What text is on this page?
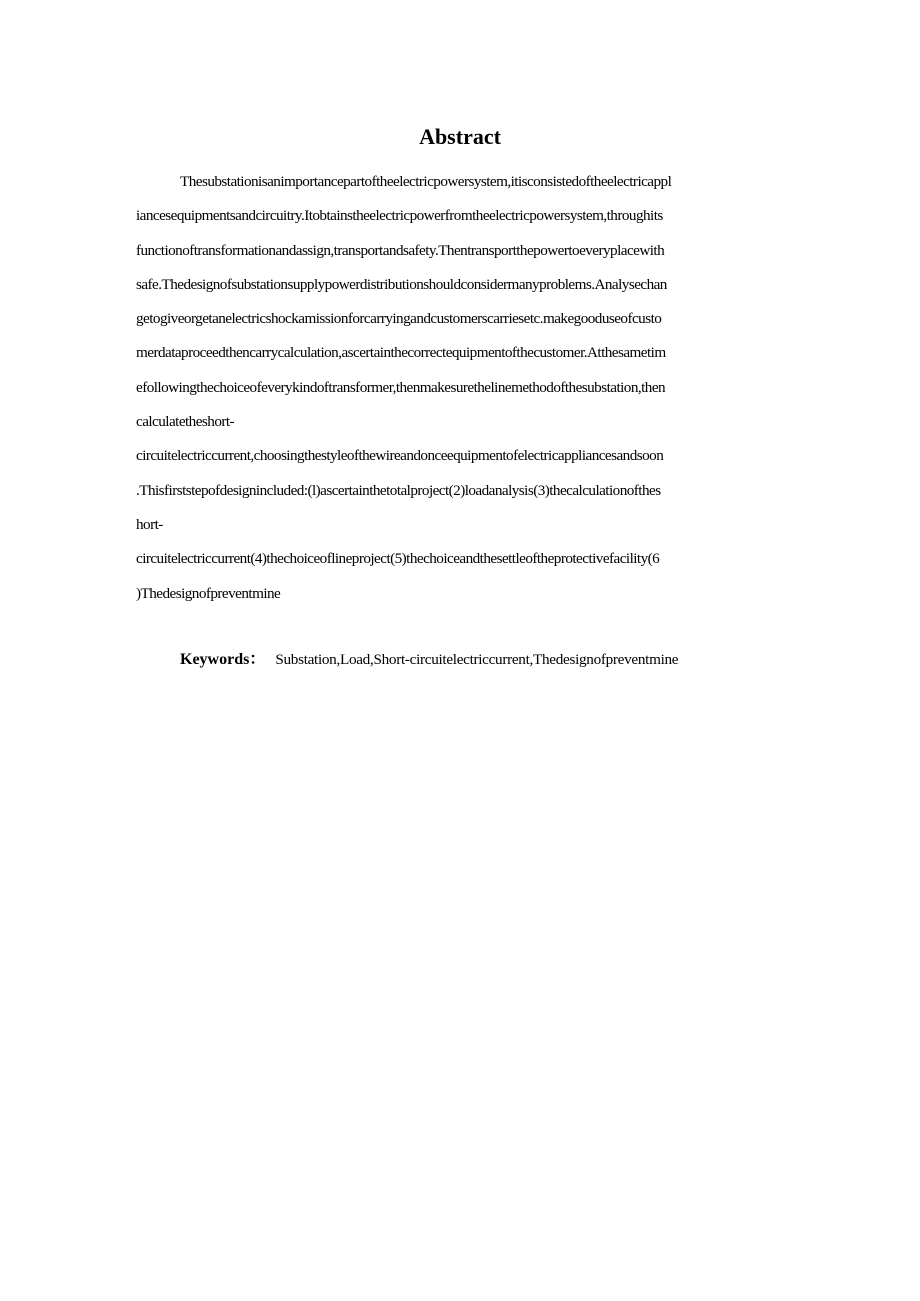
Abstract
Thesubstationisanimportancepartoftheelectricpowersystem,itisconsistedoftheelectricappl
iancesequipmentsandcircuitry.Itobtainstheelectricpowerfromtheelectricpowersystem,throughits
functionoftransformationandassign,transportandsafety.Thentransportthepowertoeveryplacewith
safe.Thedesignofsubstationsupplypowerdistributionshouldconsidermanyproblems.Analysechan
getogiveorgetanelectricshockamissionforcarryingandcustomerscarriesetc.makegooduseofcusto
merdataproceedthencarrycalculation,ascertainthecorrectequipmentofthecustomer.Atthesametim
efollowingthechoiceofeverykindoftransformer,thenmakesurethelinemethodofthesubstation,then
calculatetheshort-
circuitelectriccurrent,choosingthestyleofthewireandonceequipmentofelectricappliancesandsoon
.Thisfirststepofdesignincluded:(l)ascertainthetotalproject(2)loadanalysis(3)thecalculationofthes
hort-
circuitelectriccurrent(4)thechoiceoflineproject(5)thechoiceandthesettleoftheprotectivefacility(6
)Thedesignofpreventmine
Keywords： Substation,Load,Short-circuitelectriccurrent,Thedesignofpreventmine
